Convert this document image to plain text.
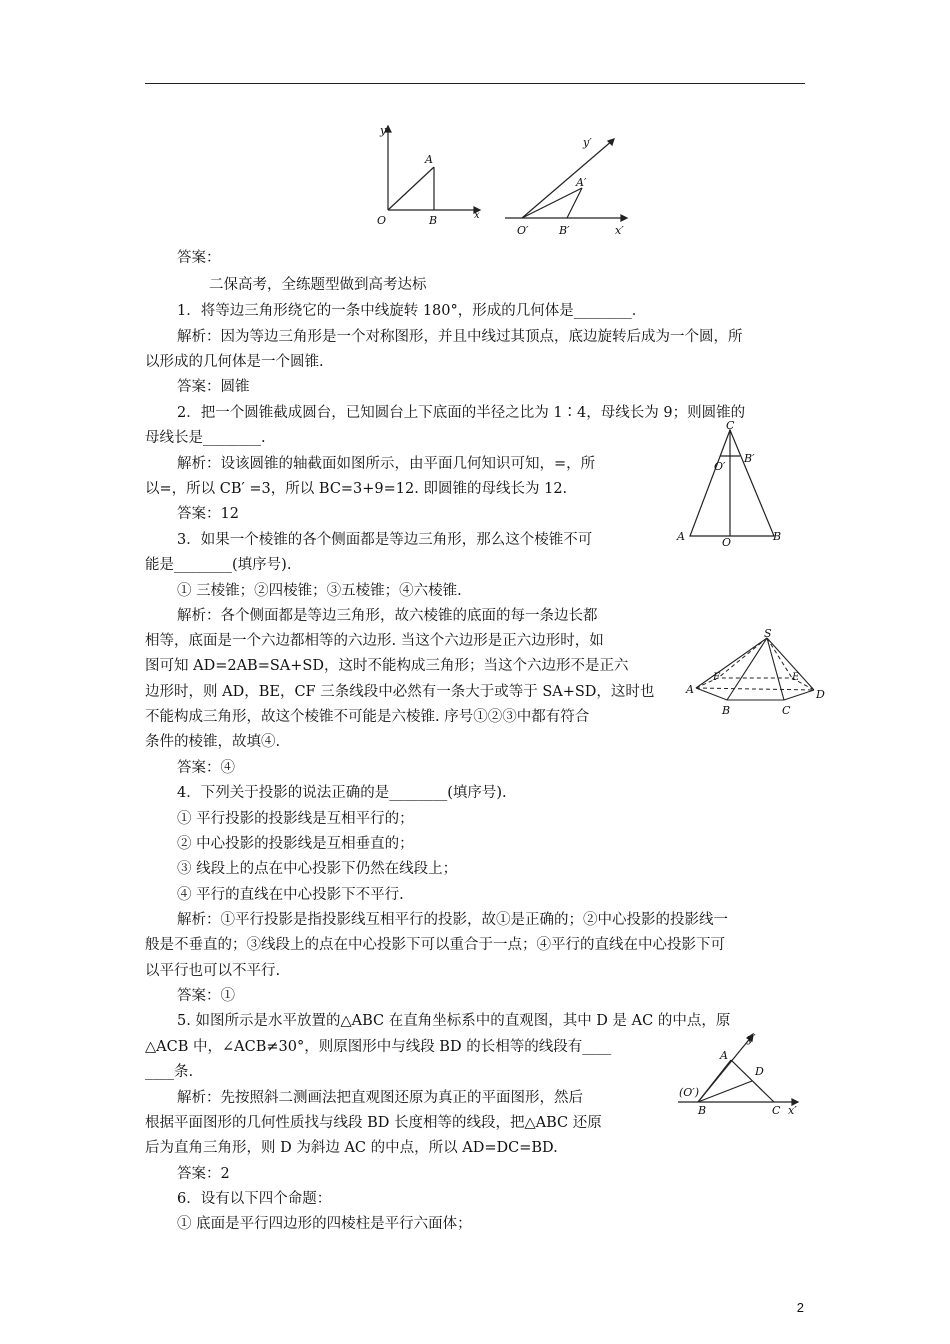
y
A
O	B	x
y′
A′
O′	B′	x′
C
B′
O′
A	O	B
S
A
F	E
D
B	C
y′
A
D
(O′)
B	C x′
答案：
二保高考，全练题型做到高考达标
1．将等边三角形绕它的一条中线旋转 180°，形成的几何体是________．
解析：因为等边三角形是一个对称图形，并且中线过其顶点，底边旋转后成为一个圆，所
以形成的几何体是一个圆锥.
答案：圆锥
2．把一个圆锥截成圆台，已知圆台上下底面的半径之比为 1∶4，母线长为 9；则圆锥的
母线长是________.
解析：设该圆锥的轴截面如图所示，由平面几何知识可知，=，所
以=，所以 CB′ =3，所以 BC=3+9=12. 即圆锥的母线长为 12.
答案：12
3．如果一个棱锥的各个侧面都是等边三角形，那么这个棱锥不可
能是________(填序号).
① 三棱锥；②四棱锥；③五棱锥；④六棱锥.
解析：各个侧面都是等边三角形，故六棱锥的底面的每一条边长都
相等，底面是一个六边都相等的六边形. 当这个六边形是正六边形时，如
图可知 AD=2AB=SA+SD，这时不能构成三角形；当这个六边形不是正六
边形时，则 AD，BE，CF 三条线段中必然有一条大于或等于 SA+SD，这时也
不能构成三角形，故这个棱锥不可能是六棱锥. 序号①②③中都有符合
条件的棱锥，故填④.
答案：④
4．下列关于投影的说法正确的是________(填序号).
① 平行投影的投影线是互相平行的；
② 中心投影的投影线是互相垂直的；
③ 线段上的点在中心投影下仍然在线段上；
④ 平行的直线在中心投影下不平行.
解析：①平行投影是指投影线互相平行的投影，故①是正确的；②中心投影的投影线一
般是不垂直的；③线段上的点在中心投影下可以重合于一点；④平行的直线在中心投影下可
以平行也可以不平行.
答案：①
5. 如图所示是水平放置的△ABC 在直角坐标系中的直观图，其中 D 是 AC 的中点，原
△ACB 中，∠ACB≠30°，则原图形中与线段 BD 的长相等的线段有____
____条.
解析：先按照斜二测画法把直观图还原为真正的平面图形，然后
根据平面图形的几何性质找与线段 BD 长度相等的线段，把△ABC 还原
后为直角三角形，则 D 为斜边 AC 的中点，所以 AD=DC=BD.
答案：2
6．设有以下四个命题：
① 底面是平行四边形的四棱柱是平行六面体；
2
